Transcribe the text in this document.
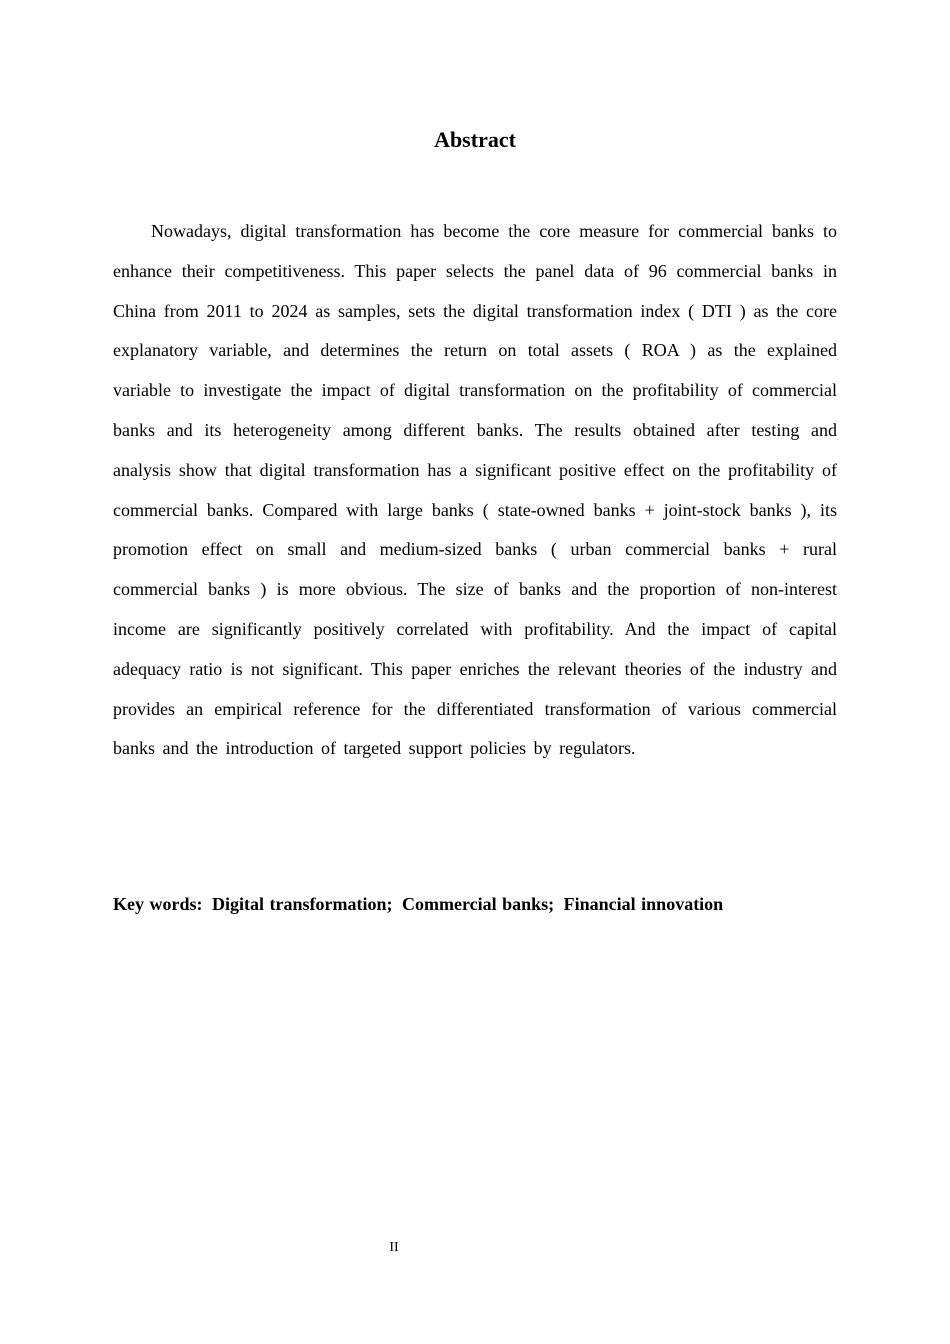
Abstract

Nowadays, digital transformation has become the core measure for commercial banks to enhance their competitiveness. This paper selects the panel data of 96 commercial banks in China from 2011 to 2024 as samples, sets the digital transformation index ( DTI ) as the core explanatory variable, and determines the return on total assets ( ROA ) as the explained variable to investigate the impact of digital transformation on the profitability of commercial banks and its heterogeneity among different banks. The results obtained after testing and analysis show that digital transformation has a significant positive effect on the profitability of commercial banks. Compared with large banks ( state-owned banks + joint-stock banks ), its promotion effect on small and medium-sized banks ( urban commercial banks + rural commercial banks ) is more obvious. The size of banks and the proportion of non-interest income are significantly positively correlated with profitability. And the impact of capital adequacy ratio is not significant. This paper enriches the relevant theories of the industry and provides an empirical reference for the differentiated transformation of various commercial banks and the introduction of targeted support policies by regulators.

Key words: Digital transformation; Commercial banks; Financial innovation
II
